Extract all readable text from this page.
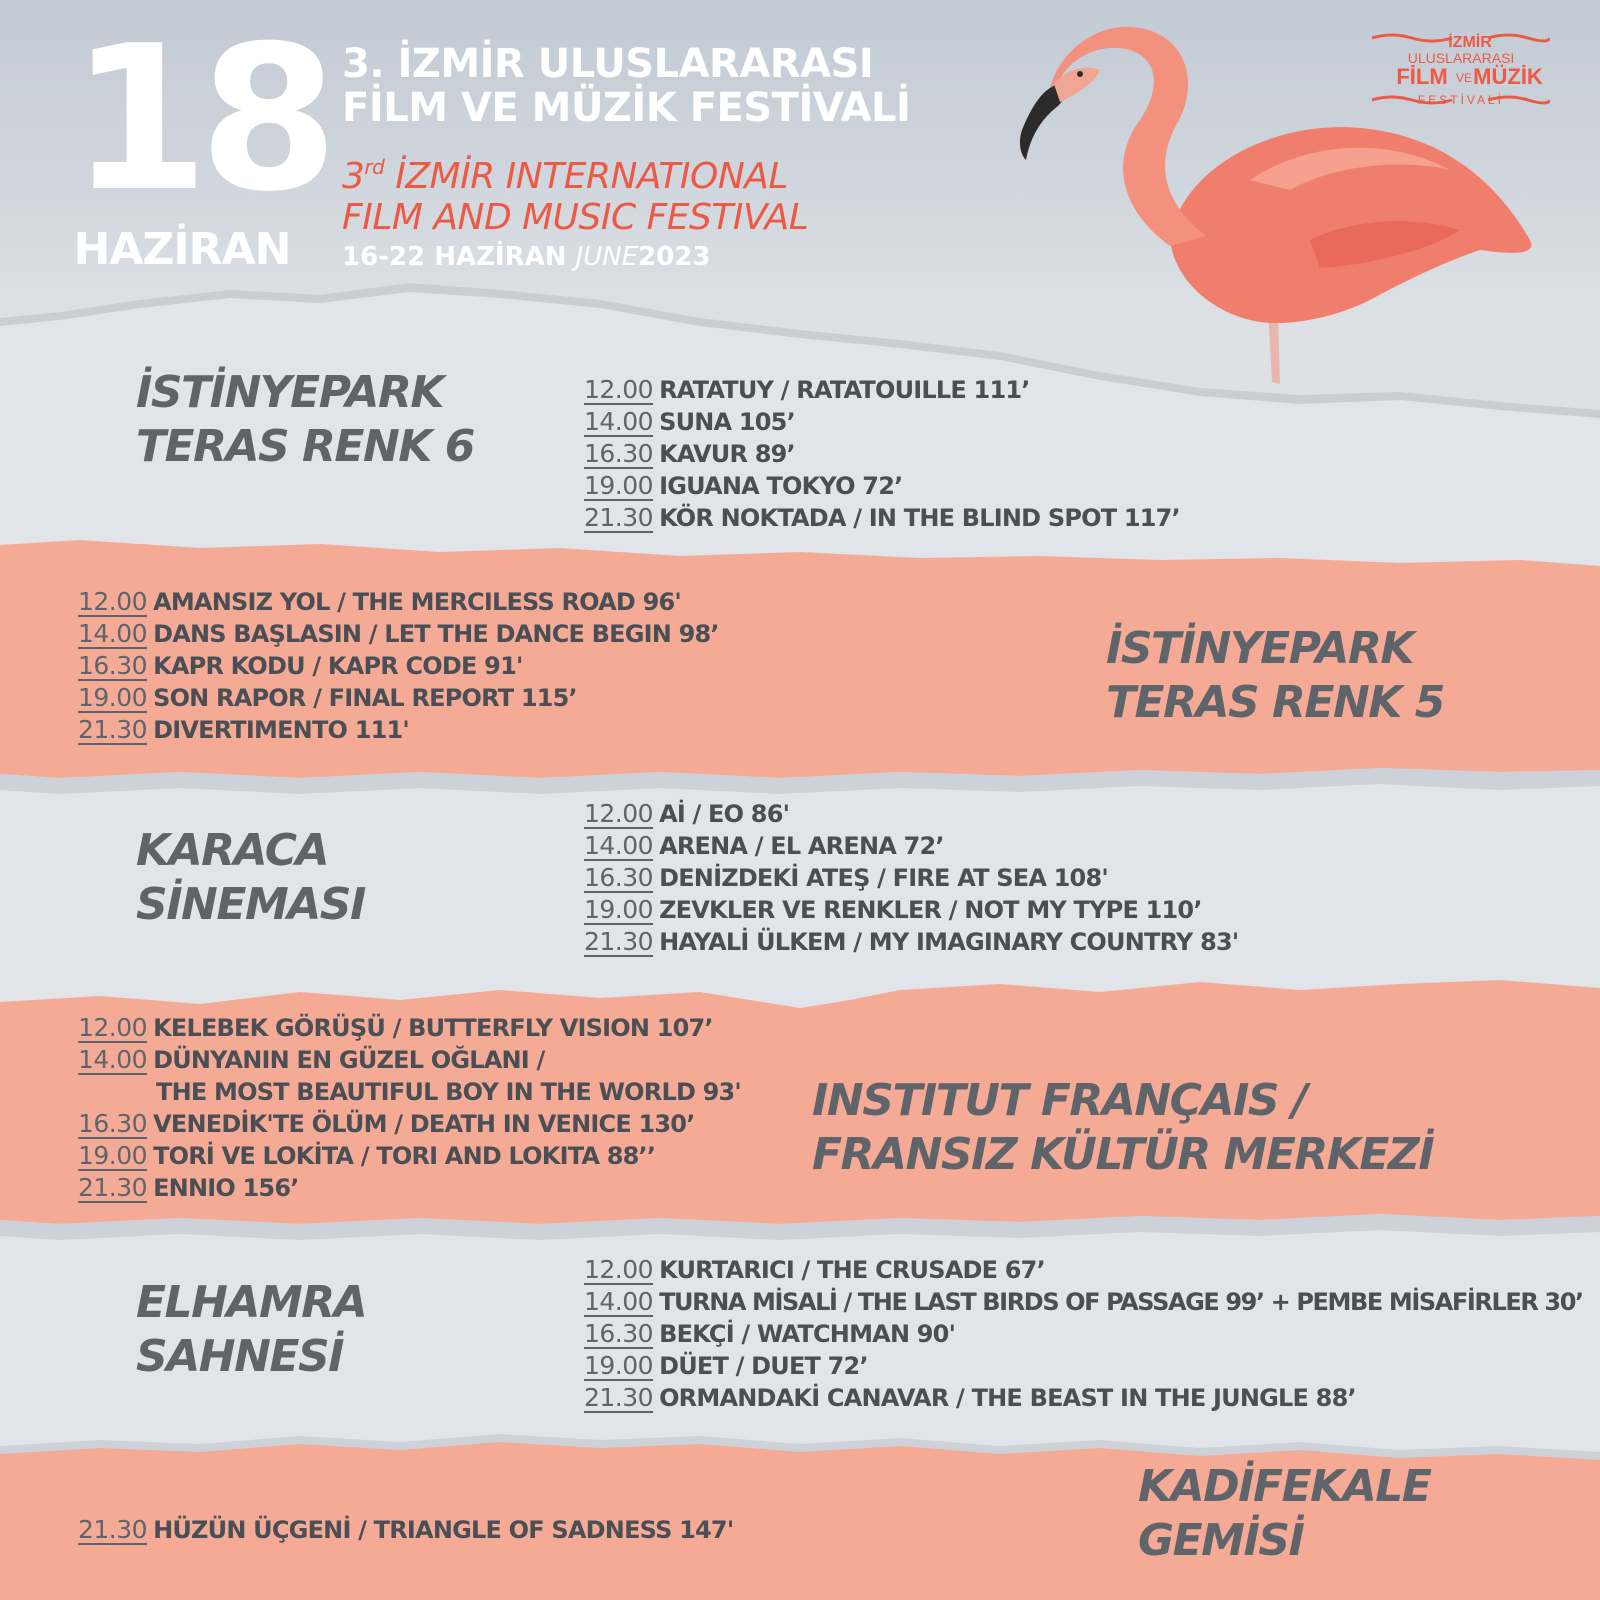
18
HAZİRAN
3. İZMİR ULUSLARARASI
FİLM VE MÜZİK FESTİVALİ
3rd İZMİR INTERNATIONAL
FILM AND MUSIC FESTIVAL
16-22 HAZİRAN JUNE2023
İZMİR
ULUSLARARASI
FİLM VE MÜZİK
FESTİVALİ
İSTİNYEPARK
TERAS RENK 6
12.00 RATATUY / RATATOUILLE 111’
14.00 SUNA 105’
16.30 KAVUR 89’
19.00 IGUANA TOKYO 72’
21.30 KÖR NOKTADA / IN THE BLIND SPOT 117’
12.00 AMANSIZ YOL / THE MERCILESS ROAD 96'
14.00 DANS BAŞLASIN / LET THE DANCE BEGIN 98’
16.30 KAPR KODU / KAPR CODE 91'
19.00 SON RAPOR / FINAL REPORT 115’
21.30 DIVERTIMENTO 111'
İSTİNYEPARK
TERAS RENK 5
KARACA
SİNEMASI
12.00 Aİ / EO 86'
14.00 ARENA / EL ARENA 72’
16.30 DENİZDEKİ ATEŞ / FIRE AT SEA 108'
19.00 ZEVKLER VE RENKLER / NOT MY TYPE 110’
21.30 HAYALİ ÜLKEM / MY IMAGINARY COUNTRY 83'
12.00 KELEBEK GÖRÜŞÜ / BUTTERFLY VISION 107’
14.00 DÜNYANIN EN GÜZEL OĞLANI /
THE MOST BEAUTIFUL BOY IN THE WORLD 93'
16.30 VENEDİK'TE ÖLÜM / DEATH IN VENICE 130’
19.00 TORİ VE LOKİTA / TORI AND LOKITA 88’’
21.30 ENNIO 156’
INSTITUT FRANÇAIS /
FRANSIZ KÜLTÜR MERKEZİ
ELHAMRA
SAHNESİ
12.00 KURTARICI / THE CRUSADE 67’
14.00 TURNA MİSALİ / THE LAST BIRDS OF PASSAGE 99’ + PEMBE MİSAFİRLER 30’
16.30 BEKÇİ / WATCHMAN 90'
19.00 DÜET / DUET 72’
21.30 ORMANDAKİ CANAVAR / THE BEAST IN THE JUNGLE 88’
21.30 HÜZÜN ÜÇGENİ / TRIANGLE OF SADNESS 147'
KADİFEKALE
GEMİSİ
